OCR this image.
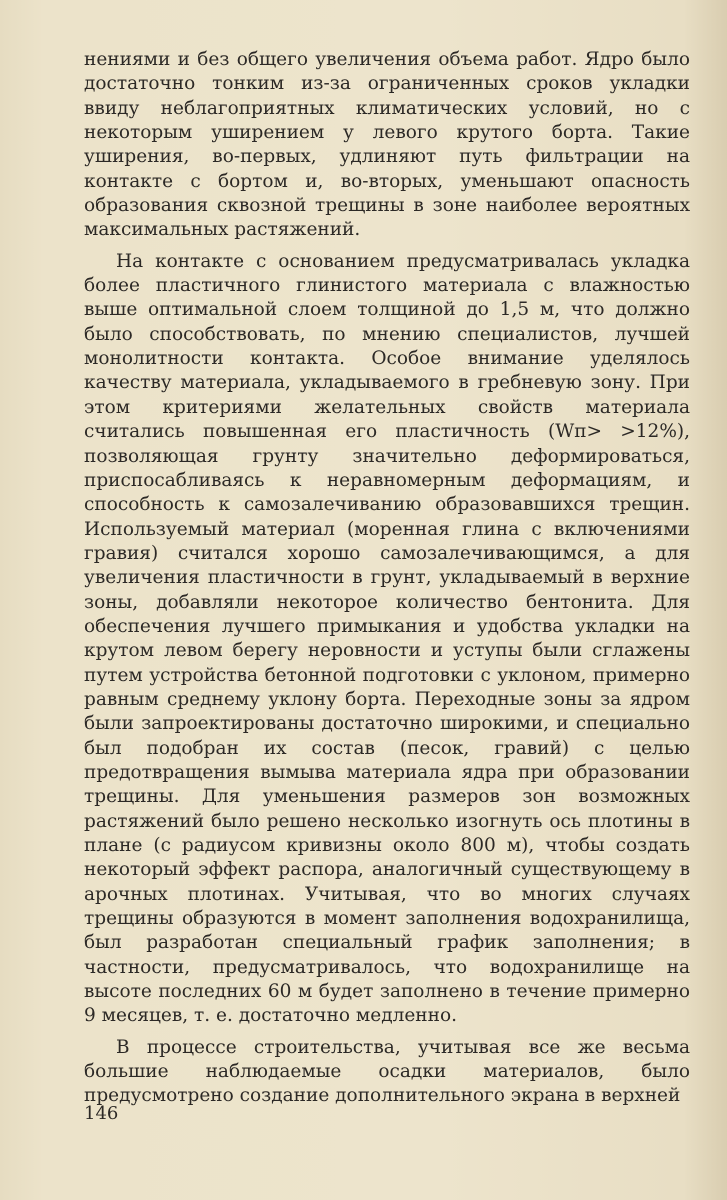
нениями и без общего увеличения объема работ. Ядро было достаточно тонким из-за ограниченных сроков укладки ввиду неблагоприятных климатических условий, но с некоторым уширением у левого крутого борта. Такие уширения, во-первых, удлиняют путь фильтрации на контакте с бортом и, во-вторых, уменьшают опасность образования сквозной трещины в зоне наиболее вероятных максимальных растяжений.

На контакте с основанием предусматривалась укладка более пластичного глинистого материала с влажностью выше оптимальной слоем толщиной до 1,5 м, что должно было способствовать, по мнению специалистов, лучшей монолитности контакта. Особое внимание уделялось качеству материала, укладываемого в гребневую зону. При этом критериями желательных свойств материала считались повышенная его пластичность (Wп> >12%), позволяющая грунту значительно деформироваться, приспосабливаясь к неравномерным деформациям, и способность к самозалечиванию образовавшихся трещин. Используемый материал (моренная глина с включениями гравия) считался хорошо самозалечивающимся, а для увеличения пластичности в грунт, укладываемый в верхние зоны, добавляли некоторое количество бентонита. Для обеспечения лучшего примыкания и удобства укладки на крутом левом берегу неровности и уступы были сглажены путем устройства бетонной подготовки с уклоном, примерно равным среднему уклону борта. Переходные зоны за ядром были запроектированы достаточно широкими, и специально был подобран их состав (песок, гравий) с целью предотвращения вымыва материала ядра при образовании трещины. Для уменьшения размеров зон возможных растяжений было решено несколько изогнуть ось плотины в плане (с радиусом кривизны около 800 м), чтобы создать некоторый эффект распора, аналогичный существующему в арочных плотинах. Учитывая, что во многих случаях трещины образуются в момент заполнения водохранилища, был разработан специальный график заполнения; в частности, предусматривалось, что водохранилище на высоте последних 60 м будет заполнено в течение примерно 9 месяцев, т. е. достаточно медленно.

В процессе строительства, учитывая все же весьма большие наблюдаемые осадки материалов, было предусмотрено создание дополнительного экрана в верхней

146
